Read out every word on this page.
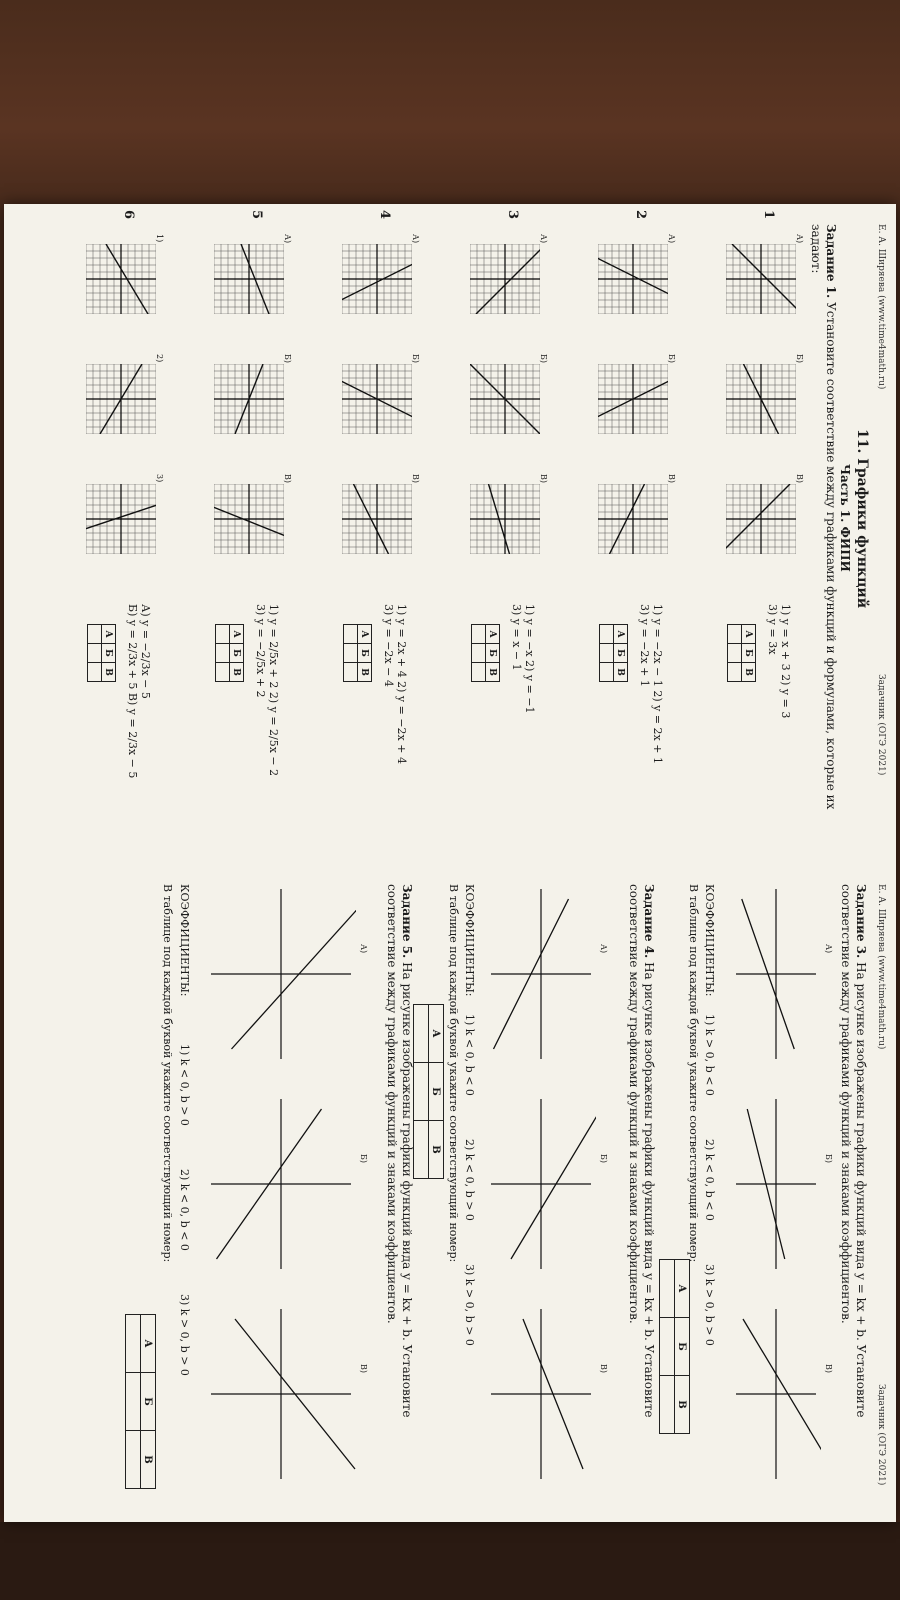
Е. А. Ширяева (www.time4math.ru)
Задачник (ОГЭ 2021)
11. Графики функций
Часть 1. ФИПИ
Задание 1. Установите соответствие между графиками функций и формулами, которые их задают:
1
А)
Б)
В)
1) y = x + 3 2) y = 3
3) y = 3x
А	Б	В

2
А)
Б)
В)
1) y = −2x − 1 2) y = 2x + 1
3) y = −2x + 1
А	Б	В

3
А)
Б)
В)
1) y = −x 2) y = −1
3) y = x − 1
А	Б	В

4
А)
Б)
В)
1) y = 2x + 4 2) y = −2x + 4
3) y = −2x − 4
А	Б	В

5
А)
Б)
В)
1) y = 2/5x + 2 2) y = 2/5x − 2
3) y = −2/5x + 2
А	Б	В

6
1)
2)
3)
А) y = −2/3x − 5
Б) y = 2/3x + 5 В) y = 2/3x − 5
А	Б	В

Е. А. Ширяева (www.time4math.ru)
Задачник (ОГЭ 2021)
Задание 3. На рисунке изображены графики функций вида y = kx + b. Установите соответствие между графиками функций и знаками коэффициентов.
А)
Б)
В)
КОЭФФИЦИЕНТЫ:
1) k > 0, b < 0
2) k < 0, b < 0
3) k > 0, b > 0
В таблице под каждой буквой укажите соответствующий номер:
А	Б	В

Задание 4. На рисунке изображены графики функций вида y = kx + b. Установите соответствие между графиками функций и знаками коэффициентов.
А)
Б)
В)
КОЭФФИЦИЕНТЫ:
1) k < 0, b < 0
2) k < 0, b > 0
3) k > 0, b > 0
В таблице под каждой буквой укажите соответствующий номер:
А	Б	В

Задание 5. На рисунке изображены графики функций вида y = kx + b. Установите соответствие между графиками функций и знаками коэффициентов.
А)
Б)
В)
КОЭФФИЦИЕНТЫ:
1) k < 0, b > 0
2) k < 0, b < 0
3) k > 0, b > 0
В таблице под каждой буквой укажите соответствующий номер:
А	Б	В
